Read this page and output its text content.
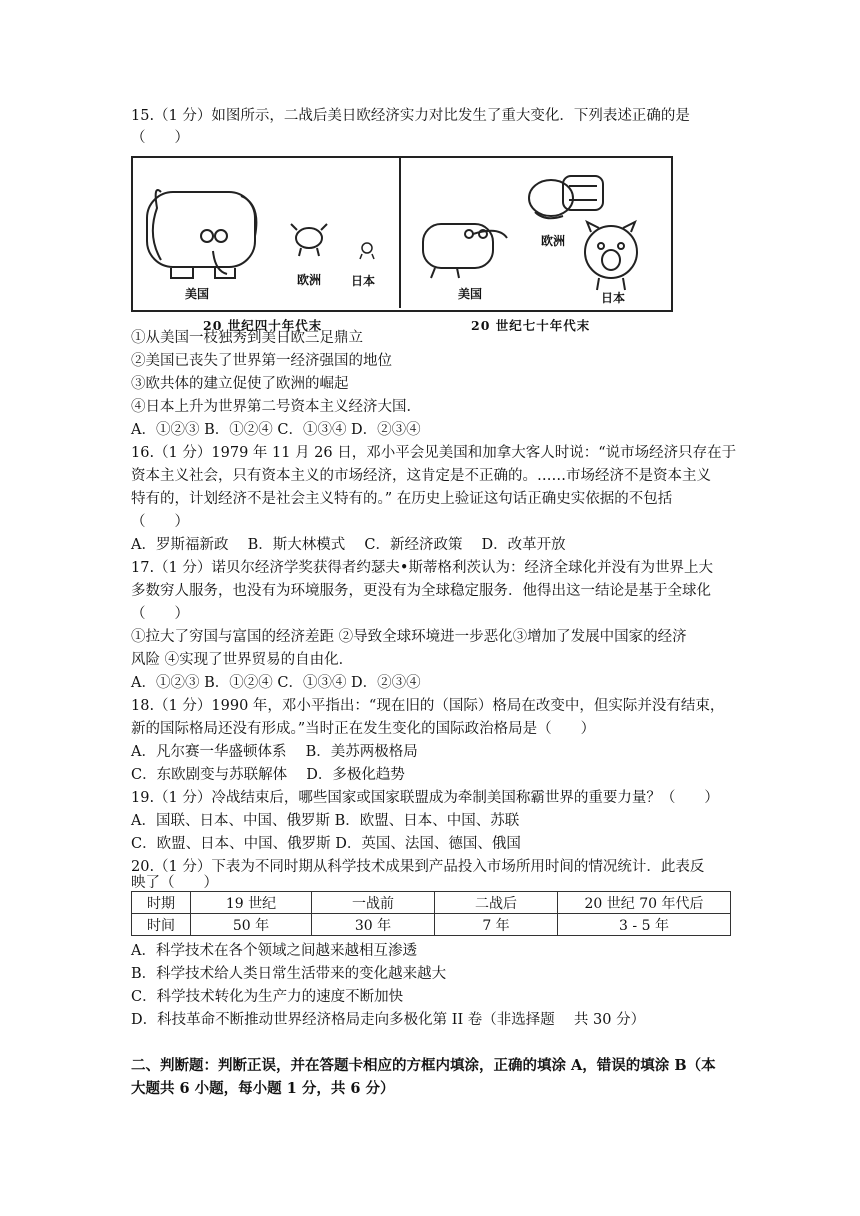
15.（1 分）如图所示，二战后美日欧经济实力对比发生了重大变化．下列表述正确的是
（　　）
美国
欧洲 日本
美国
欧洲
日本
20 世纪四十年代末	20 世纪七十年代末
①从美国一枝独秀到美日欧三足鼎立
②美国已丧失了世界第一经济强国的地位
③欧共体的建立促使了欧洲的崛起
④日本上升为世界第二号资本主义经济大国．
A．①②③ B．①②④ C．①③④ D．②③④
16.（1 分）1979 年 11 月 26 日，邓小平会见美国和加拿大客人时说：“说市场经济只存在于
资本主义社会，只有资本主义的市场经济，这肯定是不正确的。……市场经济不是资本主义
特有的，计划经济不是社会主义特有的。” 在历史上验证这句话正确史实依据的不包括
（　　）
A．罗斯福新政　 B．斯大林模式　 C．新经济政策　 D．改革开放
17.（1 分）诺贝尔经济学奖获得者约瑟夫•斯蒂格利茨认为：经济全球化并没有为世界上大
多数穷人服务，也没有为环境服务，更没有为全球稳定服务．他得出这一结论是基于全球化
（　　）
①拉大了穷国与富国的经济差距 ②导致全球环境进一步恶化③增加了发展中国家的经济
风险 ④实现了世界贸易的自由化．
A．①②③ B．①②④ C．①③④ D．②③④
18.（1 分）1990 年，邓小平指出：“现在旧的（国际）格局在改变中，但实际并没有结束，
新的国际格局还没有形成。”当时正在发生变化的国际政治格局是（　　）
A．凡尔赛一华盛顿体系　 B．美苏两极格局
C．东欧剧变与苏联解体　 D．多极化趋势
19.（1 分）冷战结束后，哪些国家或国家联盟成为牵制美国称霸世界的重要力量？（　　）
A．国联、日本、中国、俄罗斯 B．欧盟、日本、中国、苏联
C．欧盟、日本、中国、俄罗斯 D．英国、法国、德国、俄国
20.（1 分）下表为不同时期从科学技术成果到产品投入市场所用时间的情况统计．此表反
映了（　　）
时期	19 世纪	一战前	二战后	20 世纪 70 年代后
时间	50 年	30 年	7 年	3 - 5 年
A．科学技术在各个领域之间越来越相互渗透
B．科学技术给人类日常生活带来的变化越来越大
C．科学技术转化为生产力的速度不断加快
D．科技革命不断推动世界经济格局走向多极化第 II 卷（非选择题　 共 30 分）
二、判断题：判断正误，并在答题卡相应的方框内填涂，正确的填涂 A，错误的填涂 B（本
大题共 6 小题，每小题 1 分，共 6 分）
